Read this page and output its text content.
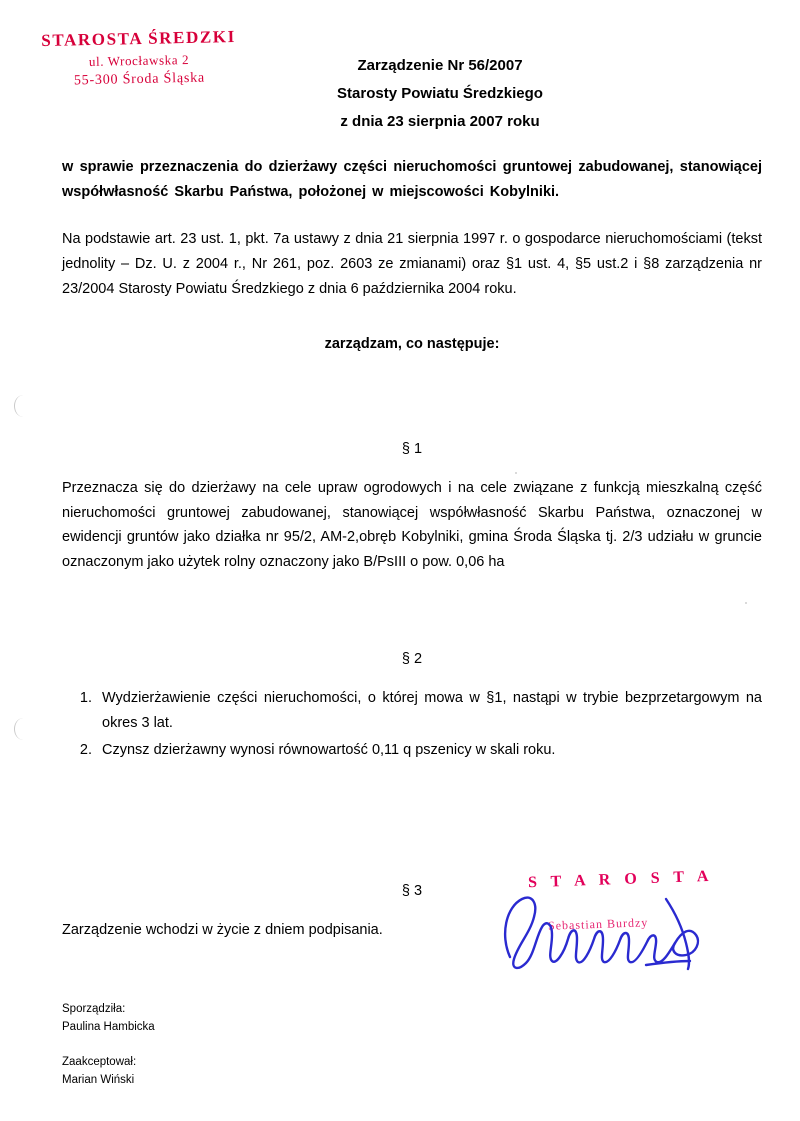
STAROSTA ŚREDZKI
ul. Wrocławska 2
55-300 Środa Śląska
Zarządzenie Nr 56/2007
Starosty Powiatu Średzkiego
z dnia 23 sierpnia 2007 roku

w sprawie przeznaczenia do dzierżawy części nieruchomości gruntowej zabudowanej, stanowiącej współwłasność Skarbu Państwa, położonej w miejscowości Kobylniki.

Na podstawie art. 23 ust. 1, pkt. 7a ustawy z dnia 21 sierpnia 1997 r. o gospodarce nieruchomościami (tekst jednolity – Dz. U. z 2004 r., Nr 261, poz. 2603 ze zmianami) oraz §1 ust. 4, §5 ust.2 i §8 zarządzenia nr 23/2004 Starosty Powiatu Średzkiego z dnia 6 października 2004 roku.

zarządzam, co następuje:

§ 1

Przeznacza się do dzierżawy na cele upraw ogrodowych i na cele związane z funkcją mieszkalną część nieruchomości gruntowej zabudowanej, stanowiącej współwłasność Skarbu Państwa, oznaczonej w ewidencji gruntów jako działka nr 95/2, AM-2,obręb Kobylniki, gmina Środa Śląska tj. 2/3 udziału w gruncie oznaczonym jako użytek rolny oznaczony jako B/PsIII o pow. 0,06 ha

§ 2

1. Wydzierżawienie części nieruchomości, o której mowa w §1, nastąpi w trybie bezprzetargowym na okres 3 lat.
2. Czynsz dzierżawny wynosi równowartość 0,11 q pszenicy w skali roku.

§ 3

Zarządzenie wchodzi w życie z dniem podpisania.

S T A R O S T A
Sebastian Burdzy
Sporządziła:
Paulina Hambicka
Zaakceptował:
Marian Wiński
